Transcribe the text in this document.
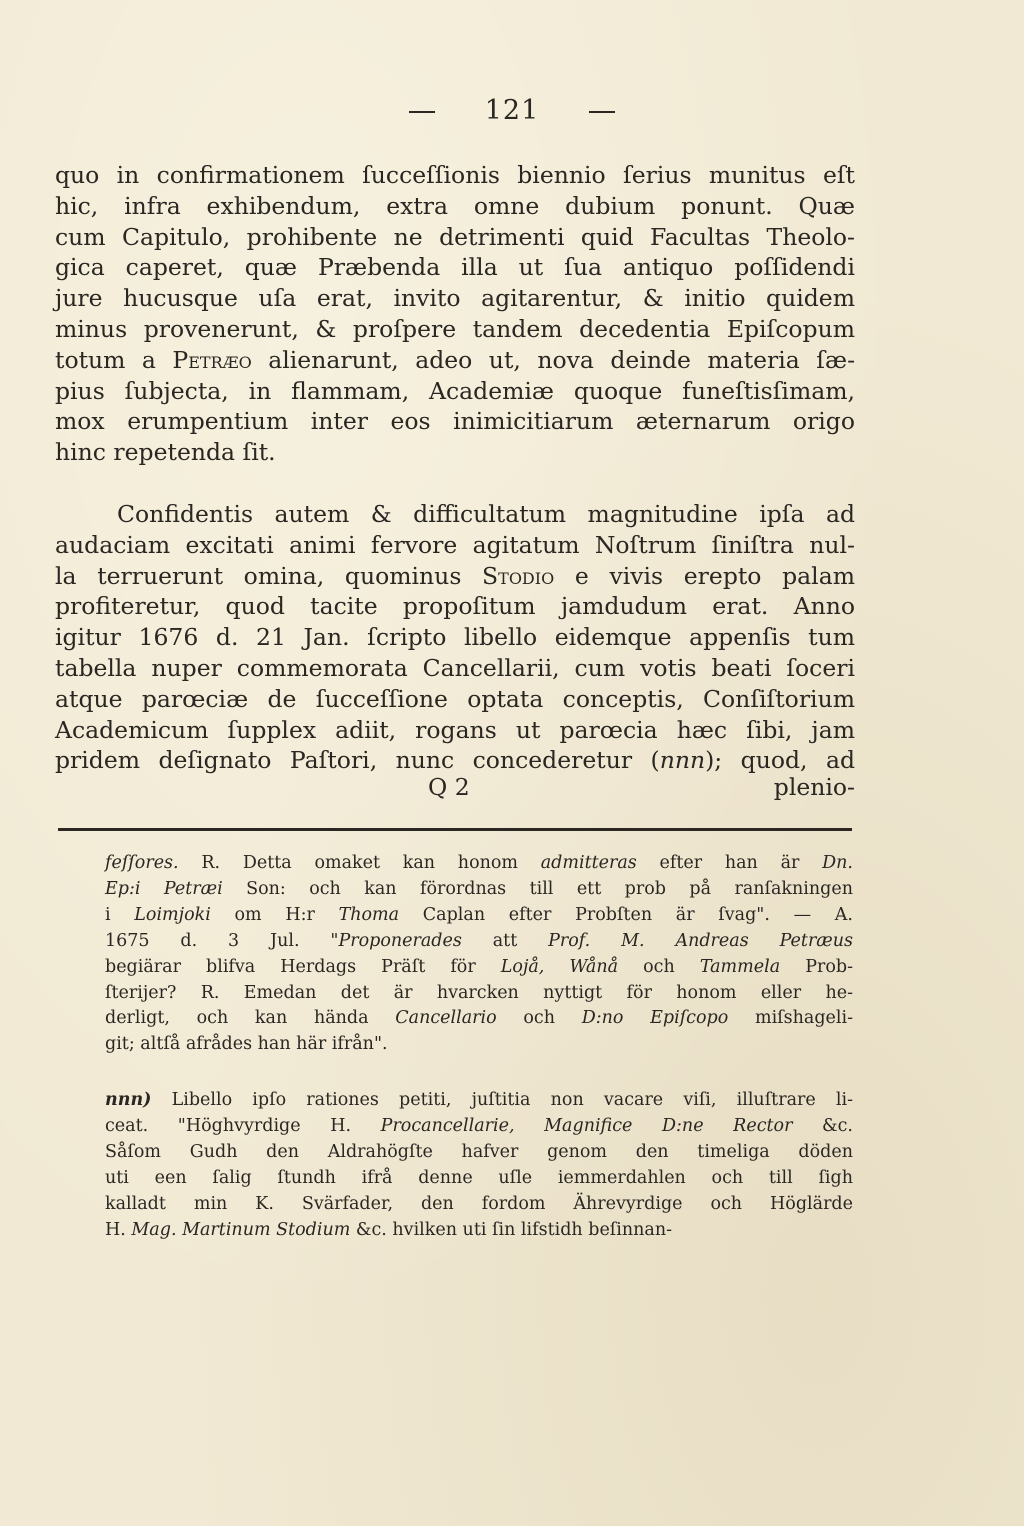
121
quo in confirmationem ſucceſſionis biennio ſerius munitus eſt
hic, infra exhibendum, extra omne dubium ponunt. Quæ
cum Capitulo, prohibente ne detrimenti quid Facultas Theolo-
gica caperet, quæ Præbenda illa ut ſua antiquo poſſidendi
jure hucusque uſa erat, invito agitarentur, & initio quidem
minus provenerunt, & proſpere tandem decedentia Epiſcopum
totum a Petræo alienarunt, adeo ut, nova deinde materia ſæ-
pius ſubjecta, in flammam, Academiæ quoque funeſtisſimam,
mox erumpentium inter eos inimicitiarum æternarum origo
hinc repetenda ſit.
Confidentis autem & difficultatum magnitudine ipſa ad
audaciam excitati animi fervore agitatum Noſtrum ſiniſtra nul-
la terruerunt omina, quominus Stodio e vivis erepto palam
profiteretur, quod tacite propoſitum jamdudum erat. Anno
igitur 1676 d. 21 Jan. ſcripto libello eidemque appenſis tum
tabella nuper commemorata Cancellarii, cum votis beati ſoceri
atque parœciæ de ſucceſſione optata conceptis, Conſiſtorium
Academicum ſupplex adiit, rogans ut parœcia hæc ſibi, jam
pridem deſignato Paſtori, nunc concederetur (nnn); quod, ad
Q 2	plenio-
feſſores. R. Detta omaket kan honom admitteras efter han är Dn.
Ep:i Petræi Son: och kan förordnas till ett prob på ranſakningen
i Loimjoki om H:r Thoma Caplan efter Probſten är ſvag". — A.
1675 d. 3 Jul. "Proponerades att Prof. M. Andreas Petræus
begiärar blifva Herdags Präſt för Lojå, Wånå och Tammela Prob-
ſterijer? R. Emedan det är hvarcken nyttigt för honom eller he-
derligt, och kan hända Cancellario och D:no Epiſcopo miſshageli-
git; altſå afrådes han här ifrån".
nnn) Libello ipſo rationes petiti, juſtitia non vacare viſi, illuſtrare li-
ceat. "Höghvyrdige H. Procancellarie, Magnifice D:ne Rector &c.
Såſom Gudh den Aldrahögſte hafver genom den timeliga döden
uti een ſalig ſtundh ifrå denne uſle iemmerdahlen och till ſigh
kalladt min K. Svärfader, den fordom Ährevyrdige och Höglärde
H. Mag. Martinum Stodium &c. hvilken uti ſin lifstidh beſinnan-
